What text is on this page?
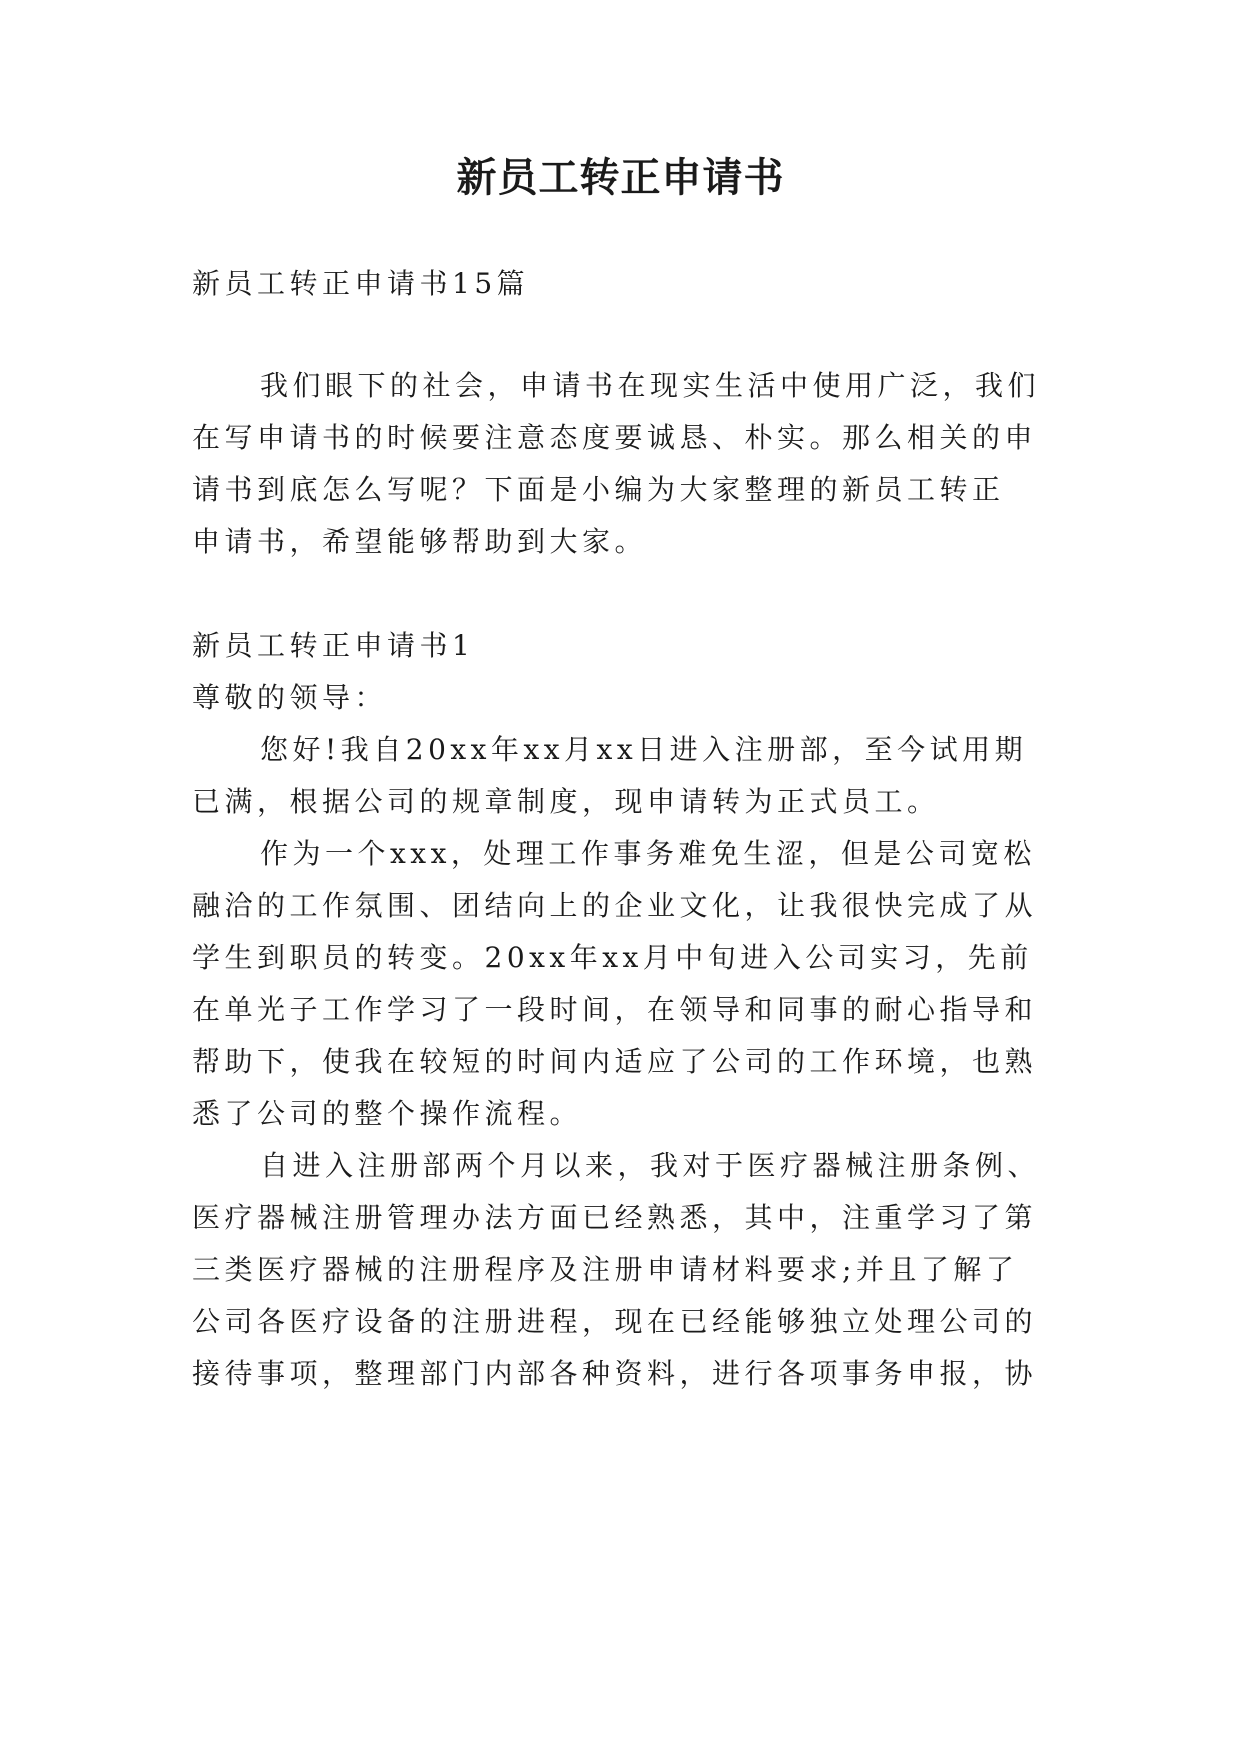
新员工转正申请书

新员工转正申请书15篇

我们眼下的社会，申请书在现实生活中使用广泛，我们

在写申请书的时候要注意态度要诚恳、朴实。那么相关的申

请书到底怎么写呢？下面是小编为大家整理的新员工转正

申请书，希望能够帮助到大家。

新员工转正申请书1

尊敬的领导：

您好!我自20xx年xx月xx日进入注册部，至今试用期

已满，根据公司的规章制度，现申请转为正式员工。

作为一个xxx，处理工作事务难免生涩，但是公司宽松

融洽的工作氛围、团结向上的企业文化，让我很快完成了从

学生到职员的转变。20xx年xx月中旬进入公司实习，先前

在单光子工作学习了一段时间，在领导和同事的耐心指导和

帮助下，使我在较短的时间内适应了公司的工作环境，也熟

悉了公司的整个操作流程。

自进入注册部两个月以来，我对于医疗器械注册条例、

医疗器械注册管理办法方面已经熟悉，其中，注重学习了第

三类医疗器械的注册程序及注册申请材料要求;并且了解了

公司各医疗设备的注册进程，现在已经能够独立处理公司的

接待事项，整理部门内部各种资料，进行各项事务申报，协
